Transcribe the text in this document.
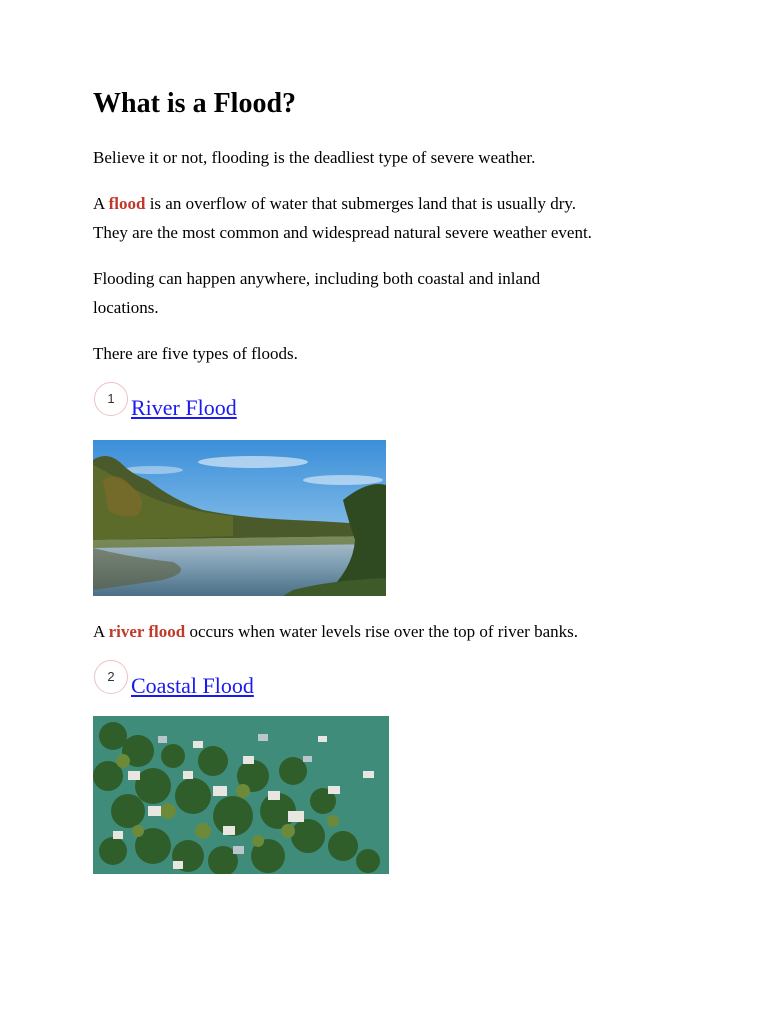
What is a Flood?

Believe it or not, flooding is the deadliest type of severe weather.

A flood is an overflow of water that submerges land that is usually dry.
They are the most common and widespread natural severe weather event.

Flooding can happen anywhere, including both coastal and inland
locations.

There are five types of floods.

1 River Flood

A river flood occurs when water levels rise over the top of river banks.

2 Coastal Flood
